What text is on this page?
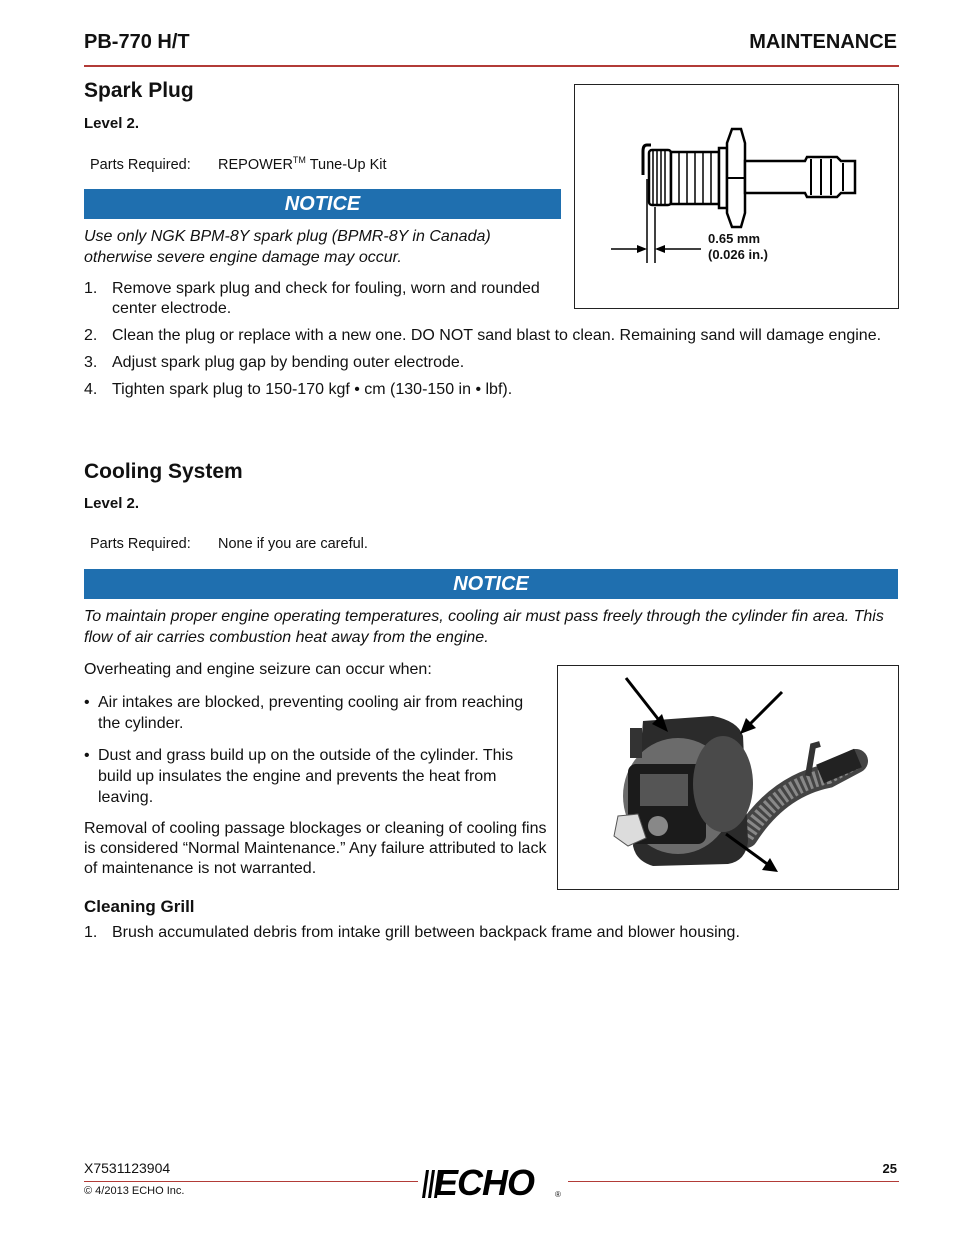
PB-770 H/T	MAINTENANCE
Spark Plug
Level 2.
Parts Required: REPOWER™ Tune-Up Kit
NOTICE
Use only NGK BPM-8Y spark plug (BPMR-8Y in Canada) otherwise severe engine damage may occur.
1. Remove spark plug and check for fouling, worn and rounded center electrode.
2. Clean the plug or replace with a new one. DO NOT sand blast to clean. Remaining sand will damage engine.
3. Adjust spark plug gap by bending outer electrode.
4. Tighten spark plug to 150-170 kgf • cm (130-150 in • lbf).
0.65 mm
(0.026 in.)
Cooling System
Level 2.
Parts Required: None if you are careful.
NOTICE
To maintain proper engine operating temperatures, cooling air must pass freely through the cylinder fin area. This flow of air carries combustion heat away from the engine.
Overheating and engine seizure can occur when:
• Air intakes are blocked, preventing cooling air from reaching the cylinder.
• Dust and grass build up on the outside of the cylinder. This build up insulates the engine and prevents the heat from leaving.
Removal of cooling passage blockages or cleaning of cooling fins is considered “Normal Maintenance.” Any failure attributed to lack of maintenance is not warranted.
Cleaning Grill
1. Brush accumulated debris from intake grill between backpack frame and blower housing.
X7531123904
© 4/2013 ECHO Inc.
25
ECHO	®
